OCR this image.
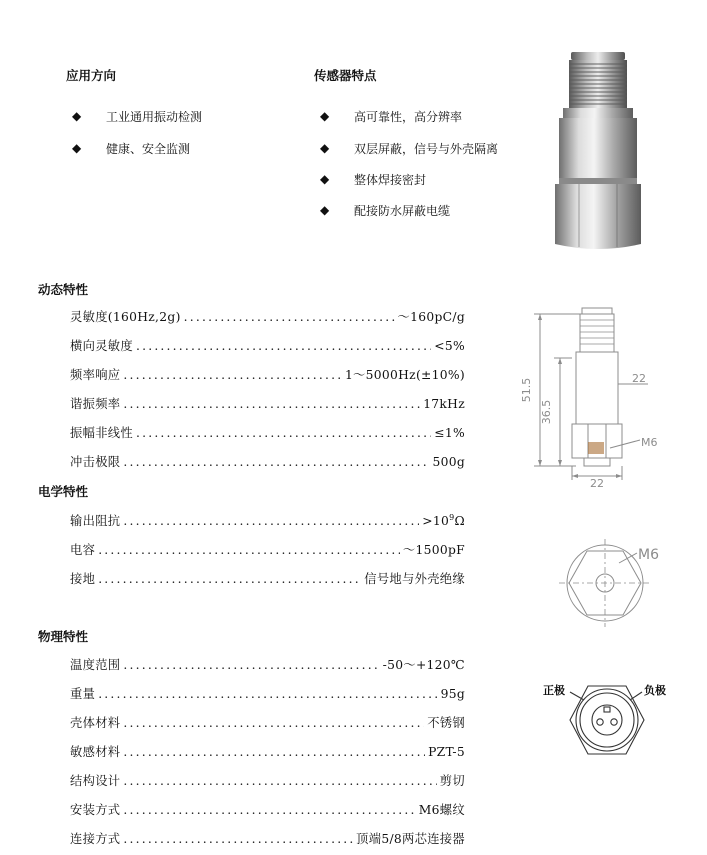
应用方向
◆	工业通用振动检测
◆	健康、安全监测
传感器特点
◆	高可靠性，高分辨率
◆	双层屏蔽，信号与外壳隔离
◆	整体焊接密封
◆	配接防水屏蔽电缆
动态特性
灵敏度(160Hz,2g) .....	～160pC/g
横向灵敏度 .....	<5%
频率响应 .....	1～5000Hz(±10%)
谐振频率 .....	17kHz
振幅非线性 .....	≤1%
冲击极限 .....	500g
电学特性
输出阻抗 .....	$>10^9\Omega$
电容 .....	～1500pF
接地 .....	信号地与外壳绝缘
物理特性
温度范围 .....	-50～+120℃
重量 .....	95g
壳体材料 .....	不锈钢
敏感材料 .....	PZT-5
结构设计 .....	剪切
安装方式 .....	M6螺纹
连接方式 .....	顶端5/8两芯连接器
51.5
36.5
22
M6
22
M6
正极	负极
